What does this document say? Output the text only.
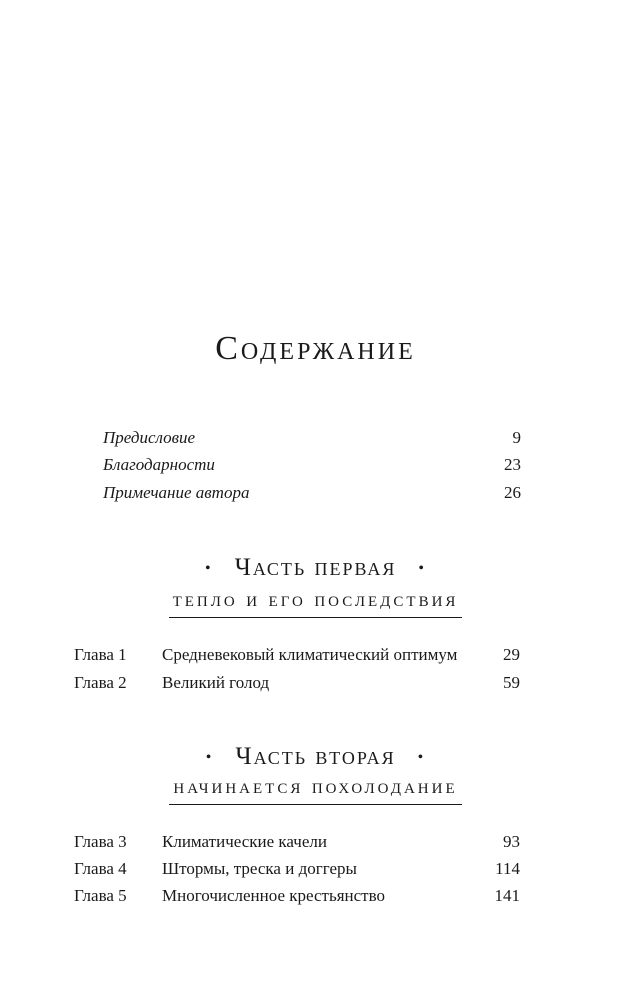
Содержание
Предисловие	9
Благодарности	23
Примечание автора	26
• Часть первая •
тепло и его последствия
Глава 1 Средневековый климатический оптимум	29
Глава 2 Великий голод	59
• Часть вторая •
начинается похолодание
Глава 3 Климатические качели	93
Глава 4 Штормы, треска и доггеры	114
Глава 5 Многочисленное крестьянство	141
